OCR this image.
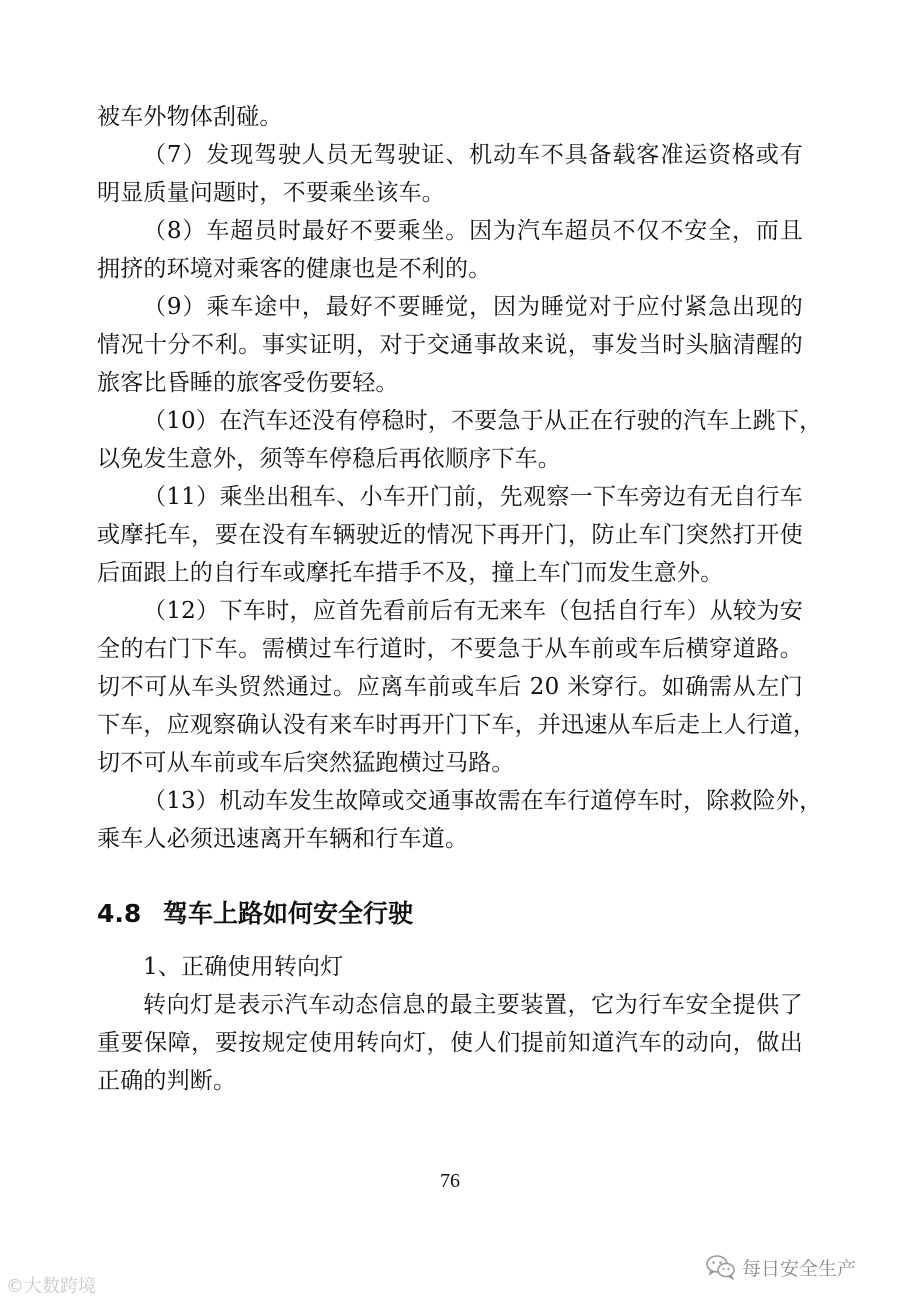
被车外物体刮碰。
（7）发现驾驶人员无驾驶证、机动车不具备载客准运资格或有
明显质量问题时，不要乘坐该车。
（8）车超员时最好不要乘坐。因为汽车超员不仅不安全，而且
拥挤的环境对乘客的健康也是不利的。
（9）乘车途中，最好不要睡觉，因为睡觉对于应付紧急出现的
情况十分不利。事实证明，对于交通事故来说，事发当时头脑清醒的
旅客比昏睡的旅客受伤要轻。
（10）在汽车还没有停稳时，不要急于从正在行驶的汽车上跳下，
以免发生意外，须等车停稳后再依顺序下车。
（11）乘坐出租车、小车开门前，先观察一下车旁边有无自行车
或摩托车，要在没有车辆驶近的情况下再开门，防止车门突然打开使
后面跟上的自行车或摩托车措手不及，撞上车门而发生意外。
（12）下车时，应首先看前后有无来车（包括自行车）从较为安
全的右门下车。需横过车行道时，不要急于从车前或车后横穿道路。
切不可从车头贸然通过。应离车前或车后 20 米穿行。如确需从左门
下车，应观察确认没有来车时再开门下车，并迅速从车后走上人行道，
切不可从车前或车后突然猛跑横过马路。
（13）机动车发生故障或交通事故需在车行道停车时，除救险外，
乘车人必须迅速离开车辆和行车道。
4.8 驾车上路如何安全行驶
1、正确使用转向灯
转向灯是表示汽车动态信息的最主要装置，它为行车安全提供了
重要保障，要按规定使用转向灯，使人们提前知道汽车的动向，做出
正确的判断。
76
©大数跨境
每日安全生产
